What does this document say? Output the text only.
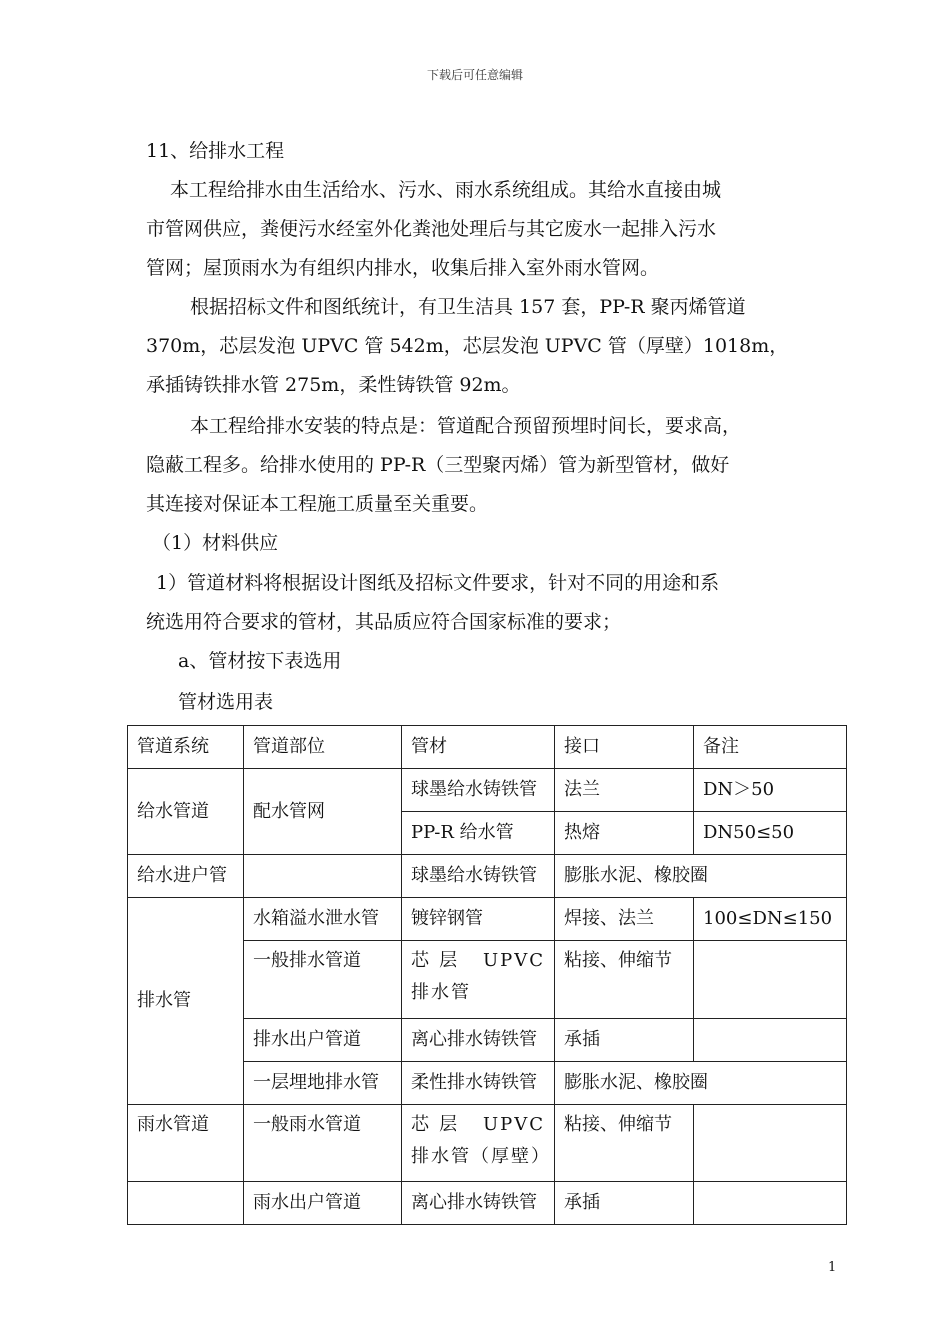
下载后可任意编辑

11、给排水工程

本工程给排水由生活给水、污水、雨水系统组成。其给水直接由城

市管网供应，粪便污水经室外化粪池处理后与其它废水一起排入污水

管网；屋顶雨水为有组织内排水，收集后排入室外雨水管网。

根据招标文件和图纸统计，有卫生洁具 157 套，PP-R 聚丙烯管道

370m，芯层发泡 UPVC 管 542m，芯层发泡 UPVC 管（厚壁）1018m，

承插铸铁排水管 275m，柔性铸铁管 92m。

本工程给排水安装的特点是：管道配合预留预埋时间长，要求高，

隐蔽工程多。给排水使用的 PP-R（三型聚丙烯）管为新型管材，做好

其连接对保证本工程施工质量至关重要。

（1）材料供应

1）管道材料将根据设计图纸及招标文件要求，针对不同的用途和系

统选用符合要求的管材，其品质应符合国家标准的要求；

a、管材按下表选用

管材选用表

管道系统	管道部位	管材	接口	备注
给水管道	配水管网	球墨给水铸铁管	法兰	DN＞50
		PP-R 给水管	热熔	DN50≤50
给水进户管		球墨给水铸铁管	膨胀水泥、橡胶圈	
排水管	水箱溢水泄水管	镀锌钢管	焊接、法兰	100≤DN≤150
	一般排水管道	芯层 UPVC 排水管	粘接、伸缩节	
	排水出户管道	离心排水铸铁管	承插	
	一层埋地排水管	柔性排水铸铁管	膨胀水泥、橡胶圈	
雨水管道	一般雨水管道	芯层 UPVC 排水管（厚壁）	粘接、伸缩节	
	雨水出户管道	离心排水铸铁管	承插	
1
